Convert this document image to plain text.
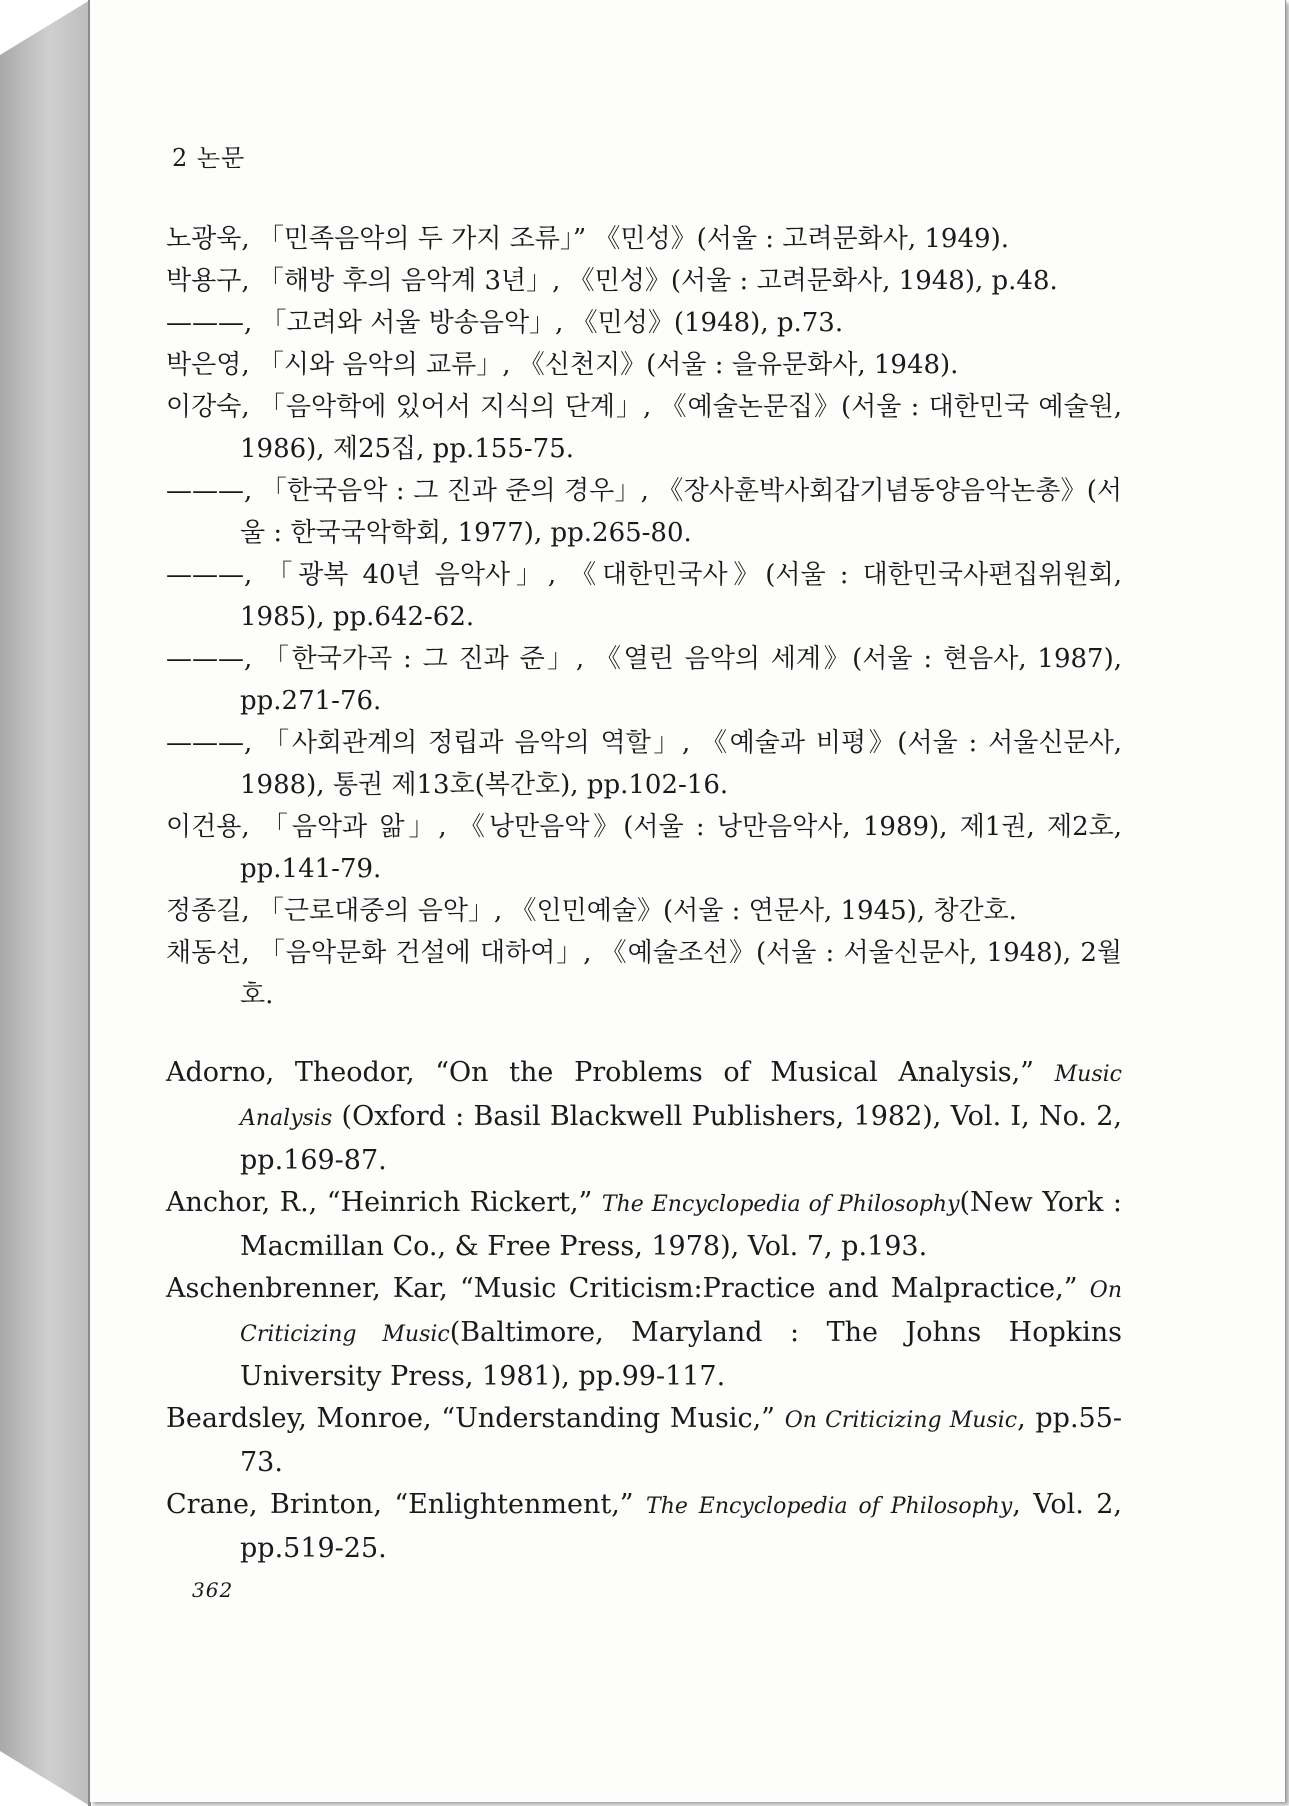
2 논문
노광욱, 「민족음악의 두 가지 조류」” 《민성》(서울 : 고려문화사, 1949).
박용구, 「해방 후의 음악계 3년」, 《민성》(서울 : 고려문화사, 1948), p.48.
———, 「고려와 서울 방송음악」, 《민성》(1948), p.73.
박은영, 「시와 음악의 교류」, 《신천지》(서울 : 을유문화사, 1948).
이강숙, 「음악학에 있어서 지식의 단계」, 《예술논문집》(서울 : 대한민국 예술원, 1986), 제25집, pp.155-75.
———, 「한국음악 : 그 진과 준의 경우」, 《장사훈박사회갑기념동양음악논총》(서울 : 한국국악학회, 1977), pp.265-80.
———, 「광복 40년 음악사」, 《대한민국사》(서울 : 대한민국사편집위원회, 1985), pp.642-62.
———, 「한국가곡 : 그 진과 준」, 《열린 음악의 세계》(서울 : 현음사, 1987), pp.271-76.
———, 「사회관계의 정립과 음악의 역할」, 《예술과 비평》(서울 : 서울신문사, 1988), 통권 제13호(복간호), pp.102-16.
이건용, 「음악과 앎」, 《낭만음악》(서울 : 낭만음악사, 1989), 제1권, 제2호, pp.141-79.
정종길, 「근로대중의 음악」, 《인민예술》(서울 : 연문사, 1945), 창간호.
채동선, 「음악문화 건설에 대하여」, 《예술조선》(서울 : 서울신문사, 1948), 2월호.
Adorno, Theodor, “On the Problems of Musical Analysis,” Music Analysis (Oxford : Basil Blackwell Publishers, 1982), Vol. I, No. 2, pp.169-87.
Anchor, R., “Heinrich Rickert,” The Encyclopedia of Philosophy(New York : Macmillan Co., & Free Press, 1978), Vol. 7, p.193.
Aschenbrenner, Kar, “Music Criticism:Practice and Malpractice,” On Criticizing Music(Baltimore, Maryland : The Johns Hopkins University Press, 1981), pp.99-117.
Beardsley, Monroe, “Understanding Music,” On Criticizing Music, pp.55-73.
Crane, Brinton, “Enlightenment,” The Encyclopedia of Philosophy, Vol. 2, pp.519-25.
362
